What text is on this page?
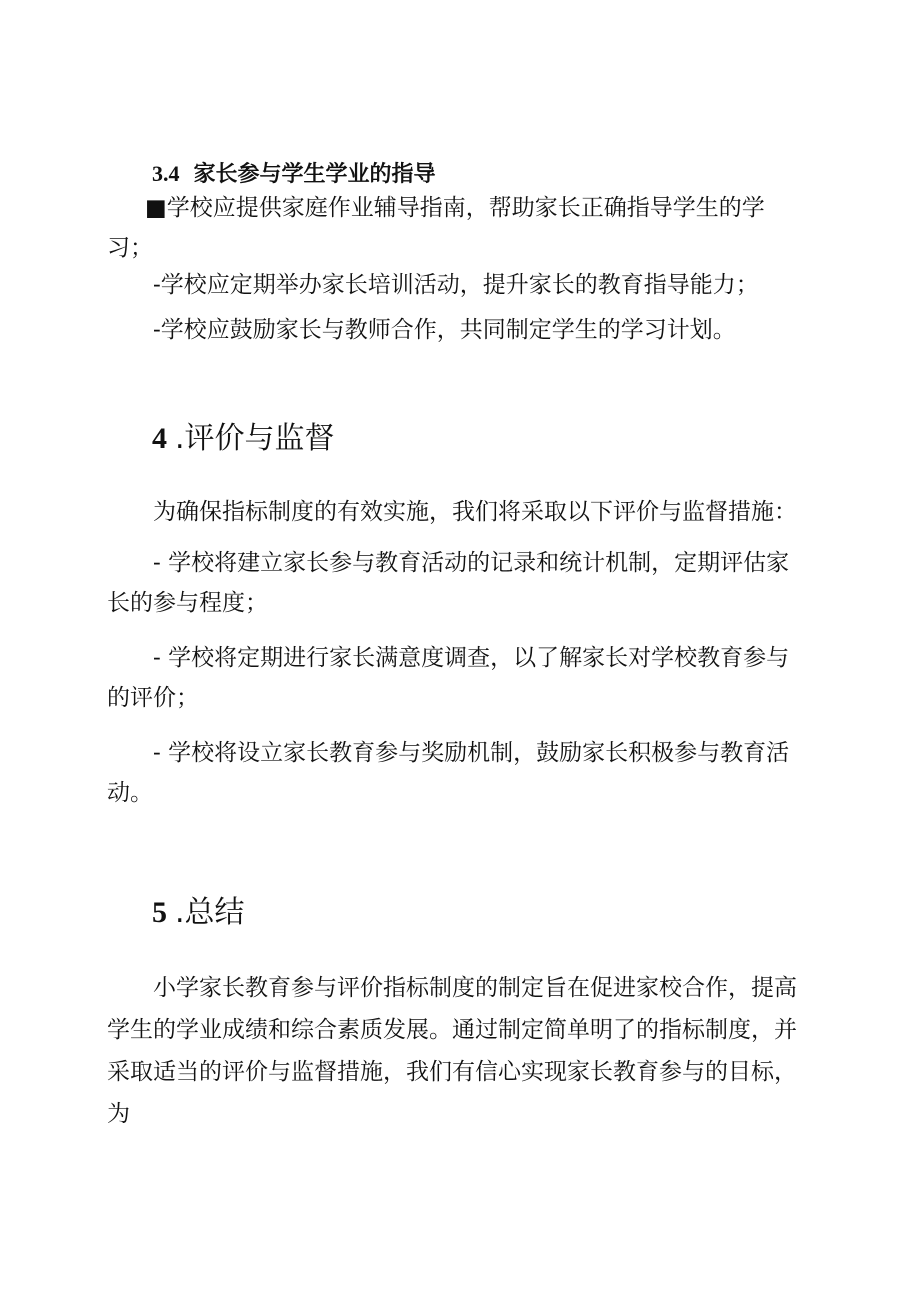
3.4 家长参与学生学业的指导

■学校应提供家庭作业辅导指南，帮助家长正确指导学生的学习；

-学校应定期举办家长培训活动，提升家长的教育指导能力；

-学校应鼓励家长与教师合作，共同制定学生的学习计划。

4 .评价与监督

为确保指标制度的有效实施，我们将采取以下评价与监督措施：

- 学校将建立家长参与教育活动的记录和统计机制，定期评估家长的参与程度；

- 学校将定期进行家长满意度调查，以了解家长对学校教育参与的评价；

- 学校将设立家长教育参与奖励机制，鼓励家长积极参与教育活动。

5 .总结

小学家长教育参与评价指标制度的制定旨在促进家校合作，提高学生的学业成绩和综合素质发展。通过制定简单明了的指标制度，并采取适当的评价与监督措施，我们有信心实现家长教育参与的目标，为
